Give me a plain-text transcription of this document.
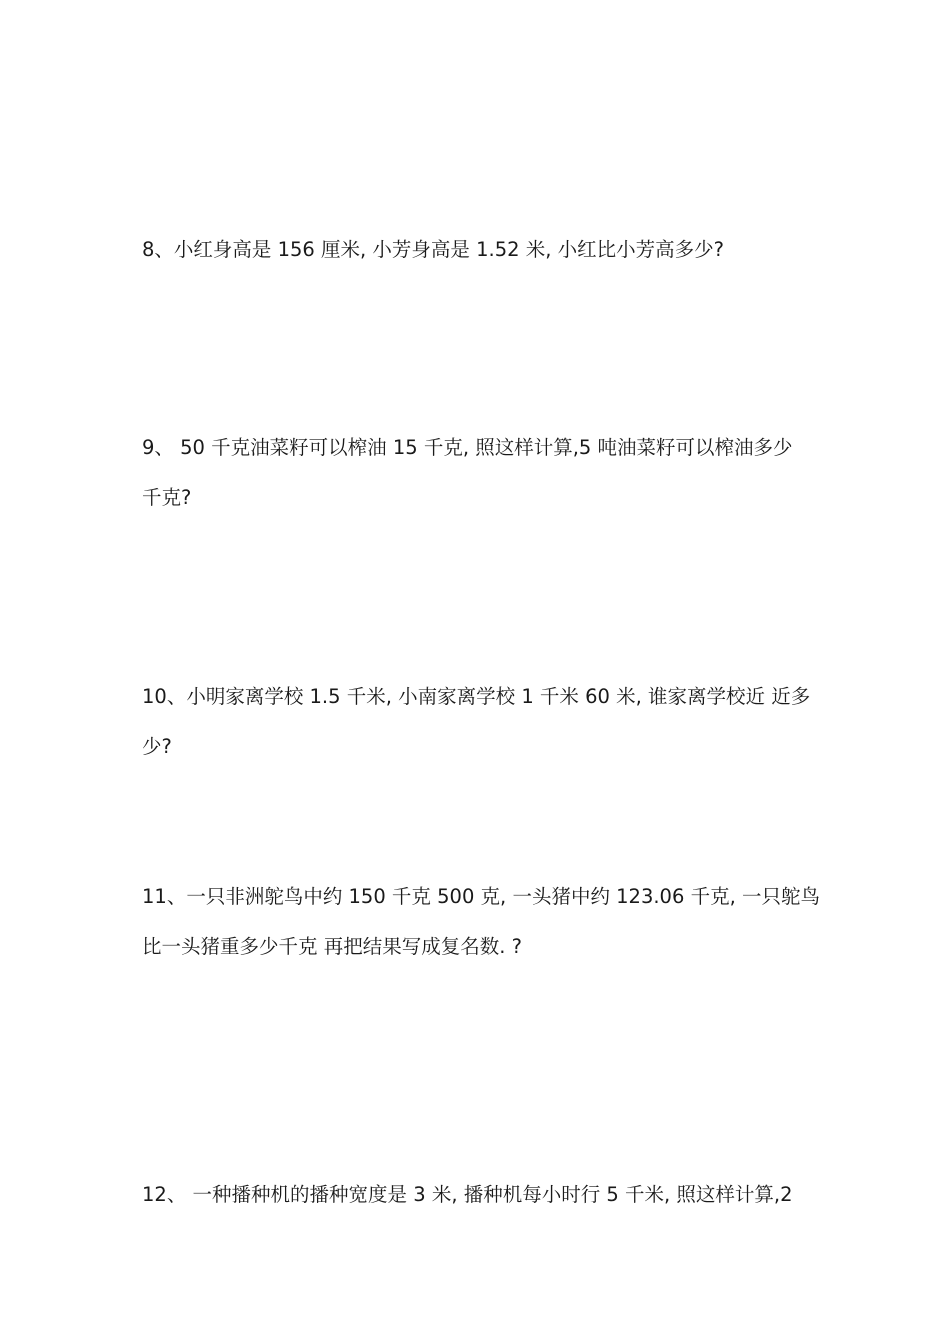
8、小红身高是 156 厘米, 小芳身高是 1.52 米, 小红比小芳高多少?
9、 50 千克油菜籽可以榨油 15 千克, 照这样计算,5 吨油菜籽可以榨油多少
千克?
10、小明家离学校 1.5 千米, 小南家离学校 1 千米 60 米, 谁家离学校近 近多
少?
11、一只非洲鸵鸟中约 150 千克 500 克, 一头猪中约 123.06 千克, 一只鸵鸟
比一头猪重多少千克 再把结果写成复名数. ?
12、 一种播种机的播种宽度是 3 米, 播种机每小时行 5 千米, 照这样计算,2
